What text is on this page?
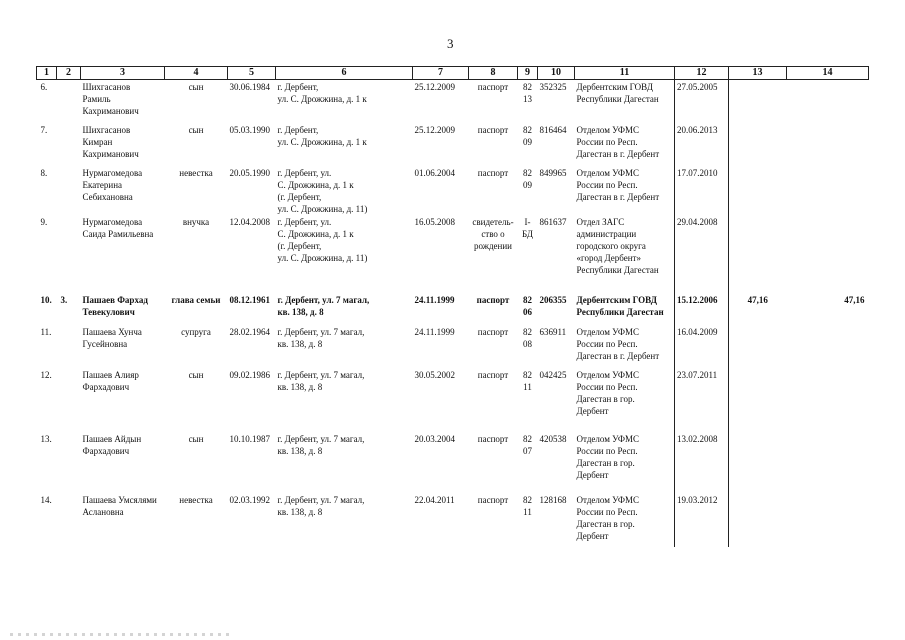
3
1	2	3	4	5	6	7	8	9	10	11	12	13	14
6.		Шихгасанов
Рамиль
Кахриманович	сын	30.06.1984	г. Дербент,
ул. С. Дрожжина, д. 1 к	25.12.2009	паспорт	82 13	352325	Дербентским ГОВД
Республики Дагестан	27.05.2005		
7.		Шихгасанов
Кимран
Кахриманович	сын	05.03.1990	г. Дербент,
ул. С. Дрожжина, д. 1 к	25.12.2009	паспорт	82 09	816464	Отделом УФМС
России по Респ.
Дагестан в г. Дербент	20.06.2013		
8.		Нурмагомедова
Екатерина
Себихановна	невестка	20.05.1990	г. Дербент, ул.
С. Дрожжина, д. 1 к
(г. Дербент,
ул. С. Дрожжина, д. 11)	01.06.2004	паспорт	82 09	849965	Отделом УФМС
России по Респ.
Дагестан в г. Дербент	17.07.2010		
9.		Нурмагомедова
Саида Рамильевна	внучка	12.04.2008	г. Дербент, ул.
С. Дрожжина, д. 1 к
(г. Дербент,
ул. С. Дрожжина, д. 11)	16.05.2008	свидетель-
ство о
рождении	I-БД	861637	Отдел ЗАГС
администрации
городского округа
«город Дербент»
Республики Дагестан	29.04.2008		
10.	3.	Пашаев Фархад
Тевекулович	глава семьи	08.12.1961	г. Дербент, ул. 7 магал,
кв. 138, д. 8	24.11.1999	паспорт	82 06	206355	Дербентским ГОВД
Республики Дагестан	15.12.2006	47,16	47,16
11.		Пашаева Хунча
Гусейновна	супруга	28.02.1964	г. Дербент, ул. 7 магал,
кв. 138, д. 8	24.11.1999	паспорт	82 08	636911	Отделом УФМС
России по Респ.
Дагестан в г. Дербент	16.04.2009		
12.		Пашаев Алияр
Фархадович	сын	09.02.1986	г. Дербент, ул. 7 магал,
кв. 138, д. 8	30.05.2002	паспорт	82 11	042425	Отделом УФМС
России по Респ.
Дагестан в гор.
Дербент	23.07.2011		
13.		Пашаев Айдын
Фархадович	сын	10.10.1987	г. Дербент, ул. 7 магал,
кв. 138, д. 8	20.03.2004	паспорт	82 07	420538	Отделом УФМС
России по Респ.
Дагестан в гор.
Дербент	13.02.2008		
14.		Пашаева Умсялями
Аслановна	невестка	02.03.1992	г. Дербент, ул. 7 магал,
кв. 138, д. 8	22.04.2011	паспорт	82 11	128168	Отделом УФМС
России по Респ.
Дагестан в гор.
Дербент	19.03.2012		
